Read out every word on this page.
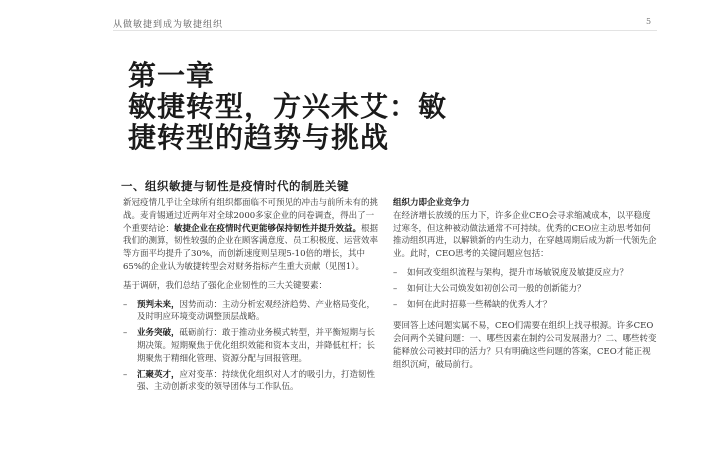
从做敏捷到成为敏捷组织	5
第一章
敏捷转型，方兴未艾：敏
捷转型的趋势与挑战
一、组织敏捷与韧性是疫情时代的制胜关键

新冠疫情几乎让全球所有组织都面临不可预见的冲击与前所未有的挑战。麦肯锡通过近两年对全球2000多家企业的问卷调查，得出了一个重要结论：敏捷企业在疫情时代更能够保持韧性并提升效益。根据我们的测算，韧性较强的企业在顾客满意度、员工积极度、运营效率等方面平均提升了30%，而创新速度则呈现5-10倍的增长，其中65%的企业认为敏捷转型会对财务指标产生重大贡献（见图1）。

基于调研，我们总结了强化企业韧性的三大关键要素：

– 预判未来，因势而动：主动分析宏观经济趋势、产业格局变化，及时明应环境变动调整顶层战略。
– 业务突破，砥砺前行：敢于推动业务模式转型，并平衡短期与长期决策。短期聚焦于优化组织效能和资本支出，并降低杠杆；长期聚焦于精细化管理、资源分配与回报管理。
– 汇聚英才，应对变革：持续优化组织对人才的吸引力，打造韧性强、主动创新求变的领导团体与工作队伍。

组织力即企业竞争力

在经济增长放缓的压力下，许多企业CEO会寻求缩减成本，以平稳度过寒冬，但这种被动做法通常不可持续。优秀的CEO应主动思考如何推动组织再进，以解锁新的内生动力，在穿越周期后成为新一代领先企业。此时，CEO思考的关键问题应包括：

– 如何改变组织流程与架构，提升市场敏锐度及敏捷反应力？
– 如何让大公司焕发如初创公司一般的创新能力？
– 如何在此时招募一些稀缺的优秀人才？

要回答上述问题实属不易，CEO们需要在组织上找寻根源。许多CEO会问两个关键问题：一、哪些因素在制约公司发展潜力？二、哪些转变能释放公司被封印的活力？只有明确这些问题的答案，CEO才能正视组织沉疴，破局前行。
